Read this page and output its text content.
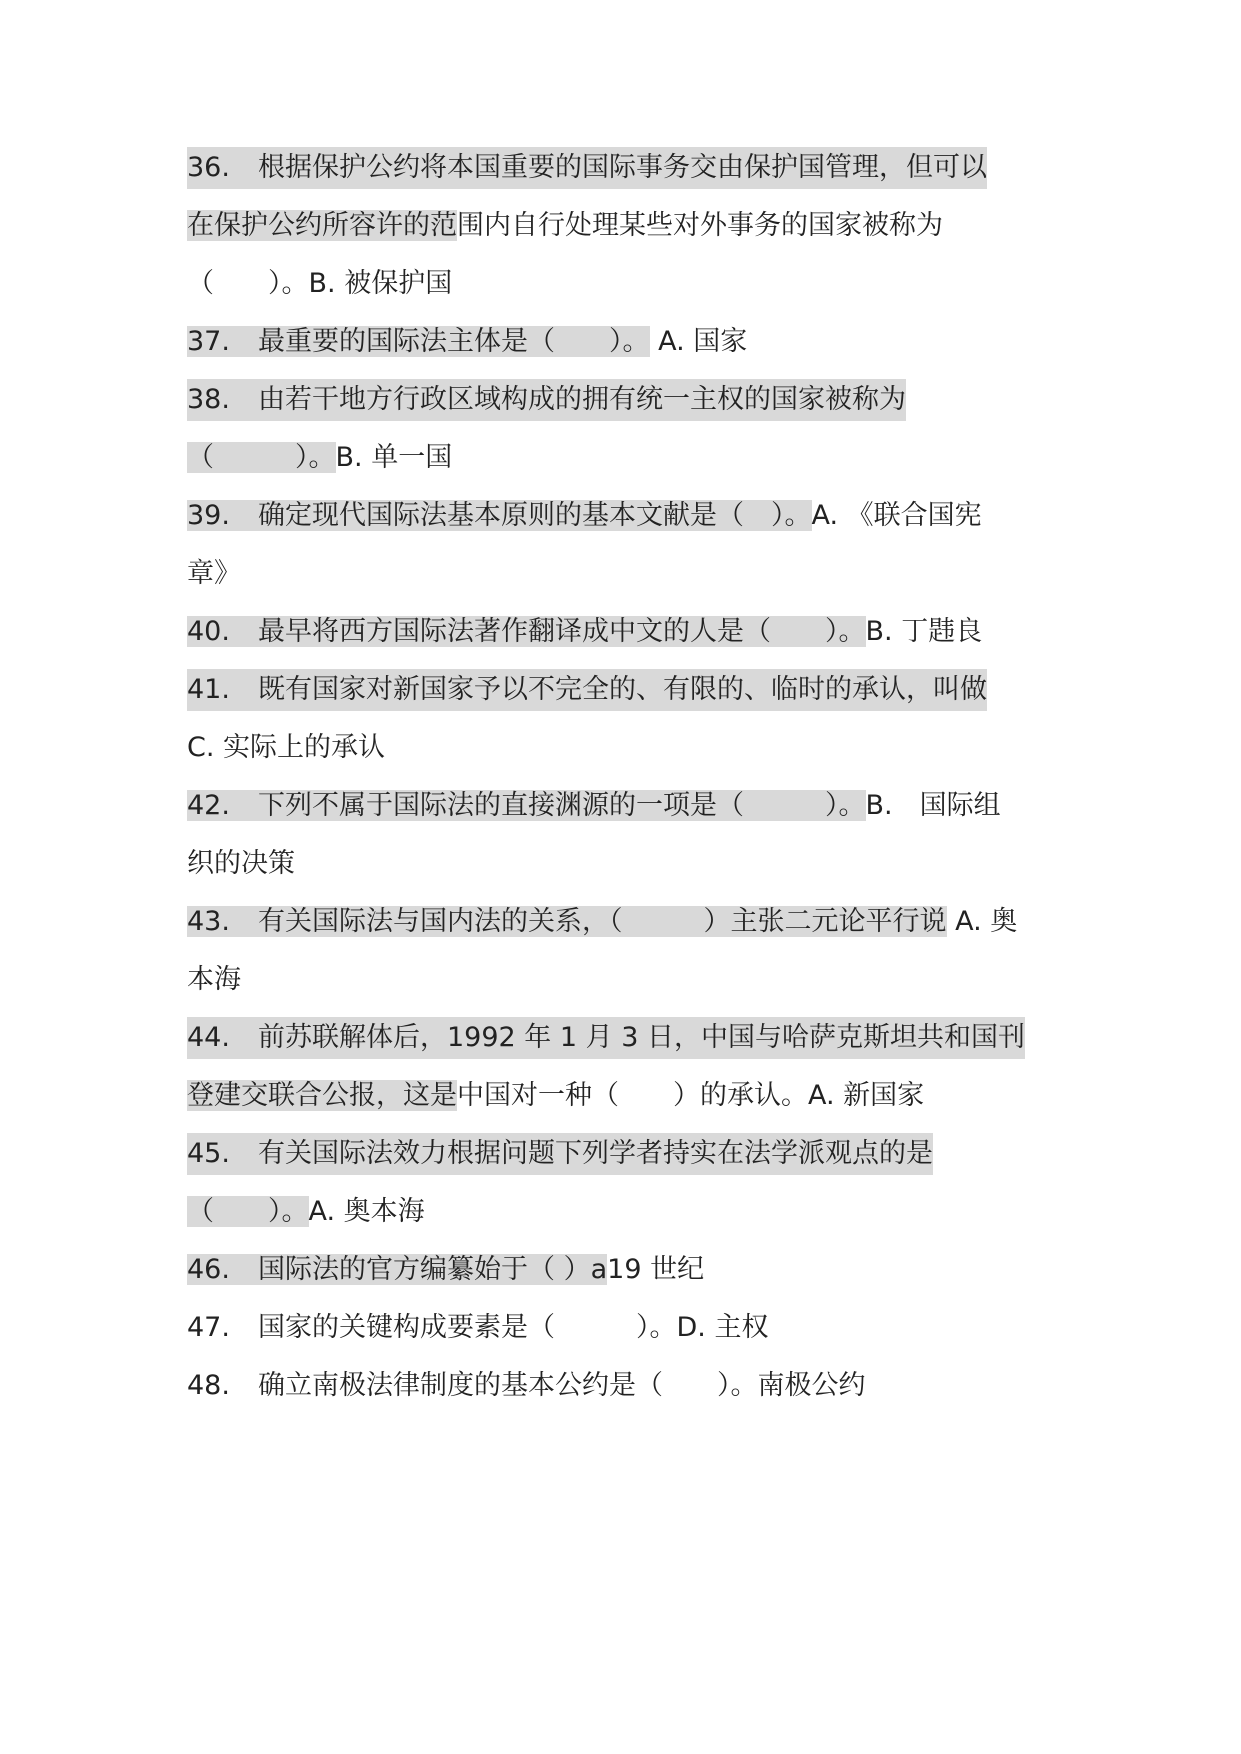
36. 根据保护公约将本国重要的国际事务交由保护国管理，但可以
在保护公约所容许的范围内自行处理某些对外事务的国家被称为
（　　）。B. 被保护国
37. 最重要的国际法主体是（　　）。 A. 国家
38. 由若干地方行政区域构成的拥有统一主权的国家被称为
（　　　）。B. 单一国
39. 确定现代国际法基本原则的基本文献是（　）。A. 《联合国宪
章》
40. 最早将西方国际法著作翻译成中文的人是（　　）。B. 丁韪良
41. 既有国家对新国家予以不完全的、有限的、临时的承认，叫做
C. 实际上的承认
42. 下列不属于国际法的直接渊源的一项是（　　　）。B.　国际组
织的决策
43. 有关国际法与国内法的关系，（　　　）主张二元论平行说 A. 奥
本海
44. 前苏联解体后，1992 年 1 月 3 日，中国与哈萨克斯坦共和国刊
登建交联合公报，这是中国对一种（　　）的承认。A. 新国家
45. 有关国际法效力根据问题下列学者持实在法学派观点的是
（　　）。A. 奥本海
46. 国际法的官方编纂始于（ ）a19 世纪
47. 国家的关键构成要素是（　　　）。D. 主权
48. 确立南极法律制度的基本公约是（　　）。南极公约
